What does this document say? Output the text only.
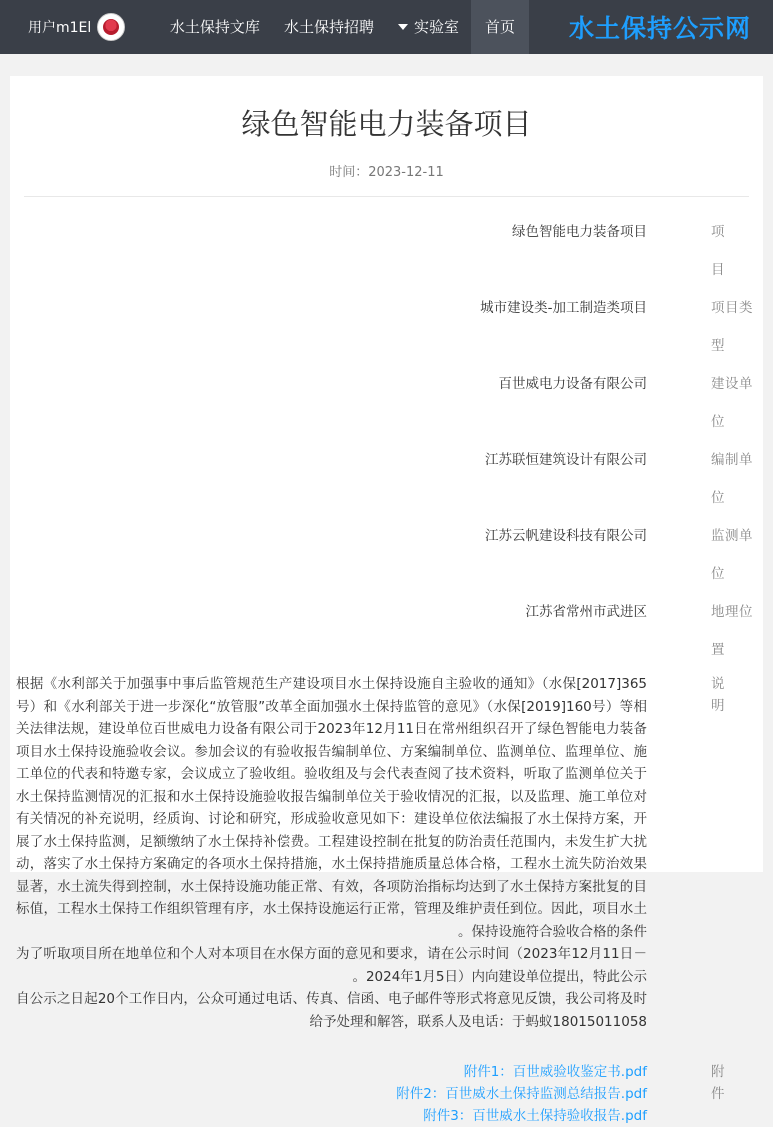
水土保持公示网
首页
实验室
水土保持招聘
水土保持文库
用户m1El
绿色智能电力装备项目
时间：2023-12-11
项　　目
绿色智能电力装备项目
项目类型
城市建设类-加工制造类项目
建设单位
百世威电力设备有限公司
编制单位
江苏联恒建筑设计有限公司
监测单位
江苏云帆建设科技有限公司
地理位置
江苏省常州市武进区
说　　明

根据《水利部关于加强事中事后监管规范生产建设项目水土保持设施自主验收的通知》（水保[2017]365号）和《水利部关于进一步深化“放管服”改革全面加强水土保持监管的意见》（水保[2019]160号）等相关法律法规，建设单位百世威电力设备有限公司于2023年12月11日在常州组织召开了绿色智能电力装备项目水土保持设施验收会议。参加会议的有验收报告编制单位、方案编制单位、监测单位、监理单位、施工单位的代表和特邀专家，会议成立了验收组。验收组及与会代表查阅了技术资料，听取了监测单位关于水土保持监测情况的汇报和水土保持设施验收报告编制单位关于验收情况的汇报，以及监理、施工单位对有关情况的补充说明，经质询、讨论和研究，形成验收意见如下：建设单位依法编报了水土保持方案，开展了水土保持监测，足额缴纳了水土保持补偿费。工程建设控制在批复的防治责任范围内，未发生扩大扰动，落实了水土保持方案确定的各项水土保持措施，水土保持措施质量总体合格，工程水土流失防治效果显著，水土流失得到控制，水土保持设施功能正常、有效，各项防治指标均达到了水土保持方案批复的目标值，工程水土保持工作组织管理有序，水土保持设施运行正常，管理及维护责任到位。因此，项目水土保持设施符合验收合格的条件。

为了听取项目所在地单位和个人对本项目在水保方面的意见和要求，请在公示时间（2023年12月11日－2024年1月5日）内向建设单位提出，特此公示。

自公示之日起20个工作日内，公众可通过电话、传真、信函、电子邮件等形式将意见反馈，我公司将及时给予处理和解答，联系人及电话：于蚂蚁18015011058

附　件
附件1：百世威验收鉴定书.pdf
附件2：百世威水土保持监测总结报告.pdf
附件3：百世威水土保持验收报告.pdf
